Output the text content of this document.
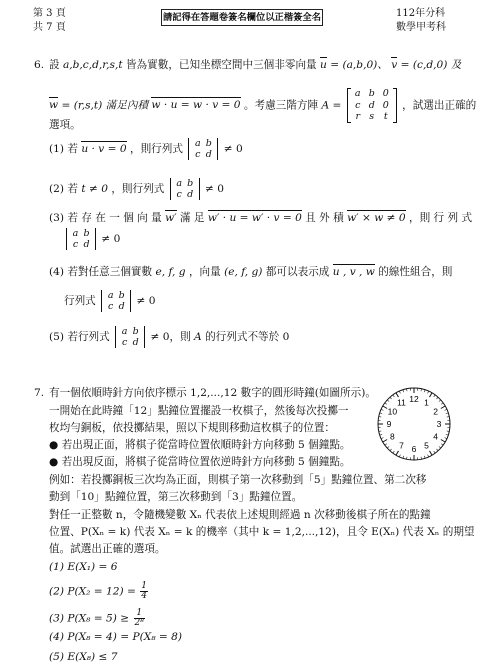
第 3 頁
共 7 頁
請記得在答題卷簽名欄位以正楷簽全名	112年分科
數學甲考科
6. 設 a,b,c,d,r,s,t 皆為實數，已知坐標空間中三個非零向量 u = (a,b,0)、 v = (c,d,0) 及
w = (r,s,t) 滿足內積 w · u = w · v = 0 。考慮三階方陣 A =
a b 0
c d 0
r s t
，試選出正確的
選項。
(1) 若 u · v = 0 ，則行列式 a b
c d ≠ 0
(2) 若 t ≠ 0 ，則行列式 a b
c d ≠ 0
(3) 若 存 在 一 個 向 量 w′ 滿 足 w′ · u = w′ · v = 0 且 外 積 w′ × w ≠ 0 ，則 行 列 式
a b
c d ≠ 0
(4) 若對任意三個實數 e, f, g ，向量 (e, f, g) 都可以表示成 u , v , w 的線性組合，則
行列式 a b
c d ≠ 0
(5) 若行列式 a b
c d ≠ 0，則 A 的行列式不等於 0
7. 有一個依順時針方向依序標示 1,2,...,12 數字的圓形時鐘(如圖所示)。
一開始在此時鐘「12」點鐘位置擺設一枚棋子，然後每次投擲一
枚均勻銅板，依投擲結果，照以下規則移動這枚棋子的位置：
● 若出現正面，將棋子從當時位置依順時針方向移動 5 個鐘點。
● 若出現反面，將棋子從當時位置依逆時針方向移動 5 個鐘點。
例如：若投擲銅板三次均為正面，則棋子第一次移動到「5」點鐘位置、第二次移
動到「10」點鐘位置，第三次移動到「3」點鐘位置。
對任一正整數 n，令隨機變數 Xₙ 代表依上述規則經過 n 次移動後棋子所在的點鐘
位置、P(Xₙ = k) 代表 Xₙ = k 的機率（其中 k = 1,2,...,12)，且令 E(Xₙ) 代表 Xₙ 的期望
值。試選出正確的選項。
(1) E(X₁) = 6
(2) $P(X_2 = 12) = \frac{1}{4}$
(3) $P(X_8 = 5) \ge \frac{1}{\text{2⁸}}$
(4) P(X₈ = 4) = P(X₈ = 8)
(5) E(X₈) ≤ 7
12 1
2
3
4
5
6
7
8
9
10
11
